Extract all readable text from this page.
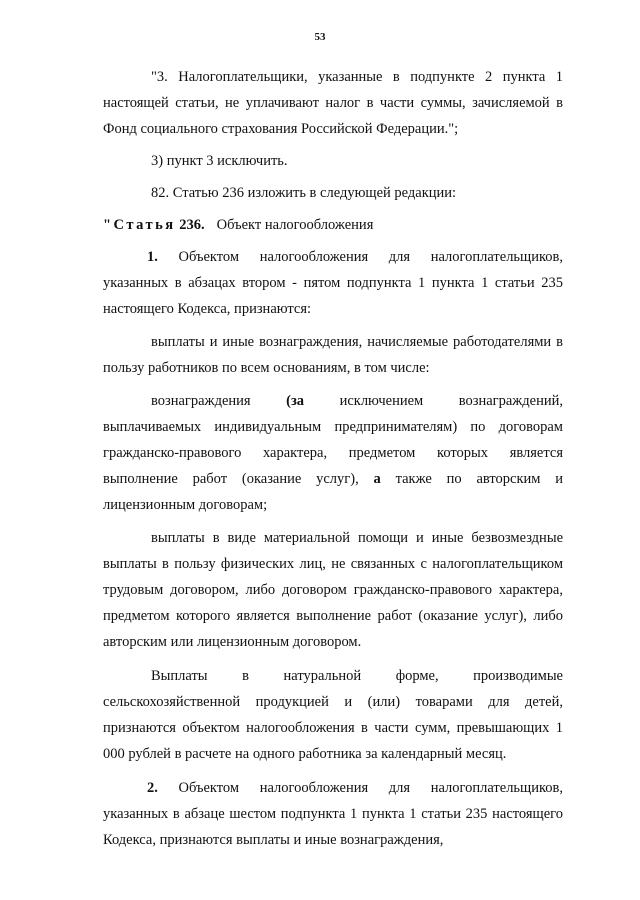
53

"3. Налогоплательщики, указанные в подпункте 2 пункта 1 настоящей статьи, не уплачивают налог в части суммы, зачисляемой в Фонд социального страхования Российской Федерации.";

3) пункт 3 исключить.

82. Статью 236 изложить в следующей редакции:

"Статья 236. Объект налогообложения

1. Объектом налогообложения для налогоплательщиков, указанных в абзацах втором - пятом подпункта 1 пункта 1 статьи 235 настоящего Кодекса, признаются:

выплаты и иные вознаграждения, начисляемые работодателями в пользу работников по всем основаниям, в том числе:

вознаграждения (за исключением вознаграждений, выплачиваемых индивидуальным предпринимателям) по договорам гражданско-правового характера, предметом которых является выполнение работ (оказание услуг), а также по авторским и лицензионным договорам;

выплаты в виде материальной помощи и иные безвозмездные выплаты в пользу физических лиц, не связанных с налогоплательщиком трудовым договором, либо договором гражданско-правового характера, предметом которого является выполнение работ (оказание услуг), либо авторским или лицензионным договором.

Выплаты в натуральной форме, производимые сельскохозяйственной продукцией и (или) товарами для детей, признаются объектом налогообложения в части сумм, превышающих 1 000 рублей в расчете на одного работника за календарный месяц.

2. Объектом налогообложения для налогоплательщиков, указанных в абзаце шестом подпункта 1 пункта 1 статьи 235 настоящего Кодекса, признаются выплаты и иные вознаграждения,
